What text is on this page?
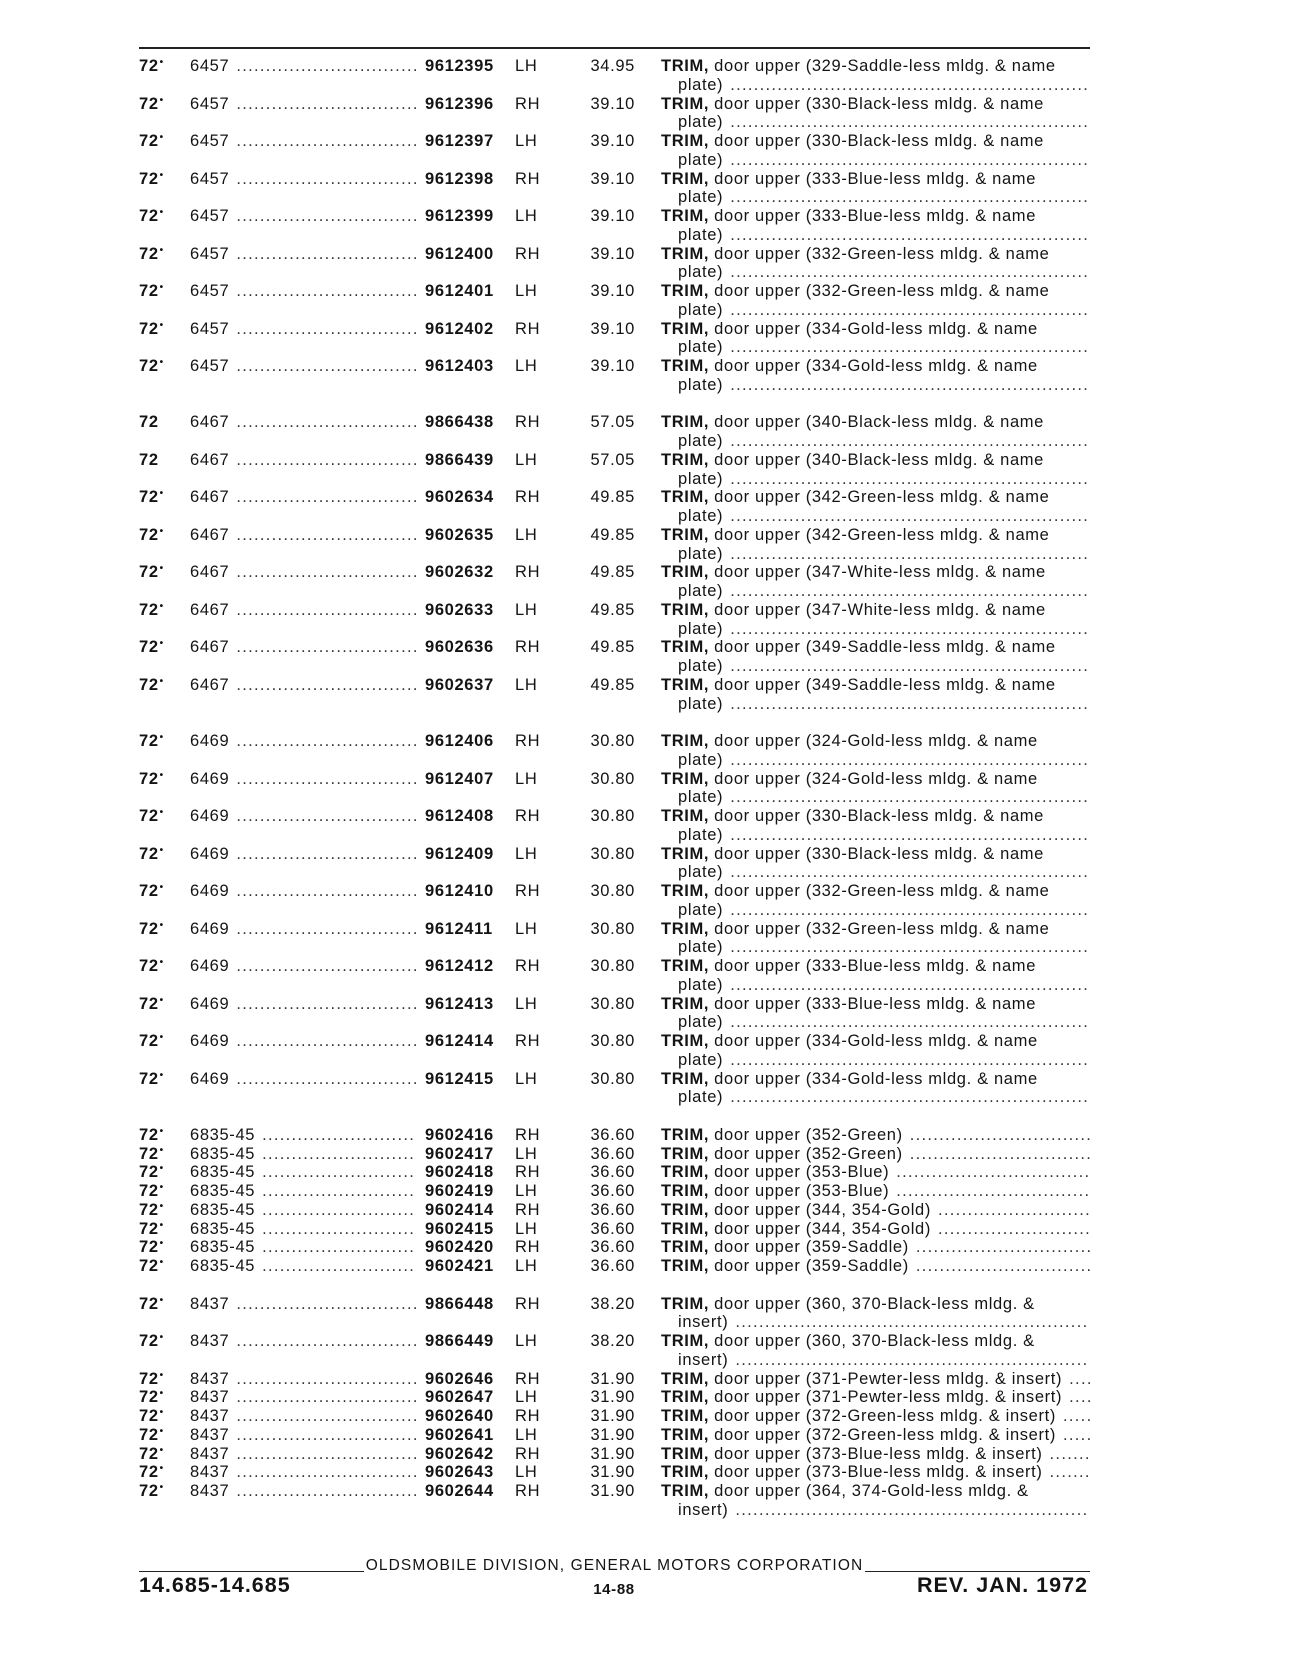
72• 6457 .....	9612395 LH	34.95 TRIM, door upper (329-Saddle-less mldg. & name
plate)
.....
72• 6457 .....	9612396 RH	39.10 TRIM, door upper (330-Black-less mldg. & name
plate)
.....
72• 6457 .....	9612397 LH	39.10 TRIM, door upper (330-Black-less mldg. & name
plate)
.....
72• 6457 .....	9612398 RH	39.10 TRIM, door upper (333-Blue-less mldg. & name
plate)
.....
72• 6457 .....	9612399 LH	39.10 TRIM, door upper (333-Blue-less mldg. & name
plate)
.....
72• 6457 .....	9612400 RH	39.10 TRIM, door upper (332-Green-less mldg. & name
plate)
.....
72• 6457 .....	9612401 LH	39.10 TRIM, door upper (332-Green-less mldg. & name
plate)
.....
72• 6457 .....	9612402 RH	39.10 TRIM, door upper (334-Gold-less mldg. & name
plate)
.....
72• 6457 .....	9612403 LH	39.10 TRIM, door upper (334-Gold-less mldg. & name
plate)
.....
72 6467 .....	9866438 RH	57.05 TRIM, door upper (340-Black-less mldg. & name
plate)
.....
72 6467 .....	9866439 LH	57.05 TRIM, door upper (340-Black-less mldg. & name
plate)
.....
72• 6467 .....	9602634 RH	49.85 TRIM, door upper (342-Green-less mldg. & name
plate)
.....
72• 6467 .....	9602635 LH	49.85 TRIM, door upper (342-Green-less mldg. & name
plate)
.....
72• 6467 .....	9602632 RH	49.85 TRIM, door upper (347-White-less mldg. & name
plate)
.....
72• 6467 .....	9602633 LH	49.85 TRIM, door upper (347-White-less mldg. & name
plate)
.....
72• 6467 .....	9602636 RH	49.85 TRIM, door upper (349-Saddle-less mldg. & name
plate)
.....
72• 6467 .....	9602637 LH	49.85 TRIM, door upper (349-Saddle-less mldg. & name
plate)
.....
72• 6469 .....	9612406 RH	30.80 TRIM, door upper (324-Gold-less mldg. & name
plate)
.....
72• 6469 .....	9612407 LH	30.80 TRIM, door upper (324-Gold-less mldg. & name
plate)
.....
72• 6469 .....	9612408 RH	30.80 TRIM, door upper (330-Black-less mldg. & name
plate)
.....
72• 6469 .....	9612409 LH	30.80 TRIM, door upper (330-Black-less mldg. & name
plate)
.....
72• 6469 .....	9612410 RH	30.80 TRIM, door upper (332-Green-less mldg. & name
plate)
.....
72• 6469 .....	9612411 LH	30.80 TRIM, door upper (332-Green-less mldg. & name
plate)
.....
72• 6469 .....	9612412 RH	30.80 TRIM, door upper (333-Blue-less mldg. & name
plate)
.....
72• 6469 .....	9612413 LH	30.80 TRIM, door upper (333-Blue-less mldg. & name
plate)
.....
72• 6469 .....	9612414 RH	30.80 TRIM, door upper (334-Gold-less mldg. & name
plate)
.....
72• 6469 .....	9612415 LH	30.80 TRIM, door upper (334-Gold-less mldg. & name
plate)
.....
72• 6835-45 .....	9602416 RH	36.60 TRIM, door upper (352-Green)
.....
72• 6835-45 .....	9602417 LH	36.60 TRIM, door upper (352-Green)
.....
72• 6835-45 .....	9602418 RH	36.60 TRIM, door upper (353-Blue)
.....
72• 6835-45 .....	9602419 LH	36.60 TRIM, door upper (353-Blue)
.....
72• 6835-45 .....	9602414 RH	36.60 TRIM, door upper (344, 354-Gold)
.....
72• 6835-45 .....	9602415 LH	36.60 TRIM, door upper (344, 354-Gold)
.....
72• 6835-45 .....	9602420 RH	36.60 TRIM, door upper (359-Saddle)
.....
72• 6835-45 .....	9602421 LH	36.60 TRIM, door upper (359-Saddle)
.....
72• 8437 .....	9866448 RH	38.20 TRIM, door upper (360, 370-Black-less mldg. &
insert)
.....
72• 8437 .....	9866449 LH	38.20 TRIM, door upper (360, 370-Black-less mldg. &
insert)
.....
72• 8437 .....	9602646 RH	31.90 TRIM, door upper (371-Pewter-less mldg. & insert)
.....
72• 8437 .....	9602647 LH	31.90 TRIM, door upper (371-Pewter-less mldg. & insert)
.....
72• 8437 .....	9602640 RH	31.90 TRIM, door upper (372-Green-less mldg. & insert)
.....
72• 8437 .....	9602641 LH	31.90 TRIM, door upper (372-Green-less mldg. & insert)
.....
72• 8437 .....	9602642 RH	31.90 TRIM, door upper (373-Blue-less mldg. & insert)
.....
72• 8437 .....	9602643 LH	31.90 TRIM, door upper (373-Blue-less mldg. & insert)
.....
72• 8437 .....	9602644 RH	31.90 TRIM, door upper (364, 374-Gold-less mldg. &
insert)
.....
OLDSMOBILE DIVISION, GENERAL MOTORS CORPORATION
14.685-14.685	14-88	REV. JAN. 1972
